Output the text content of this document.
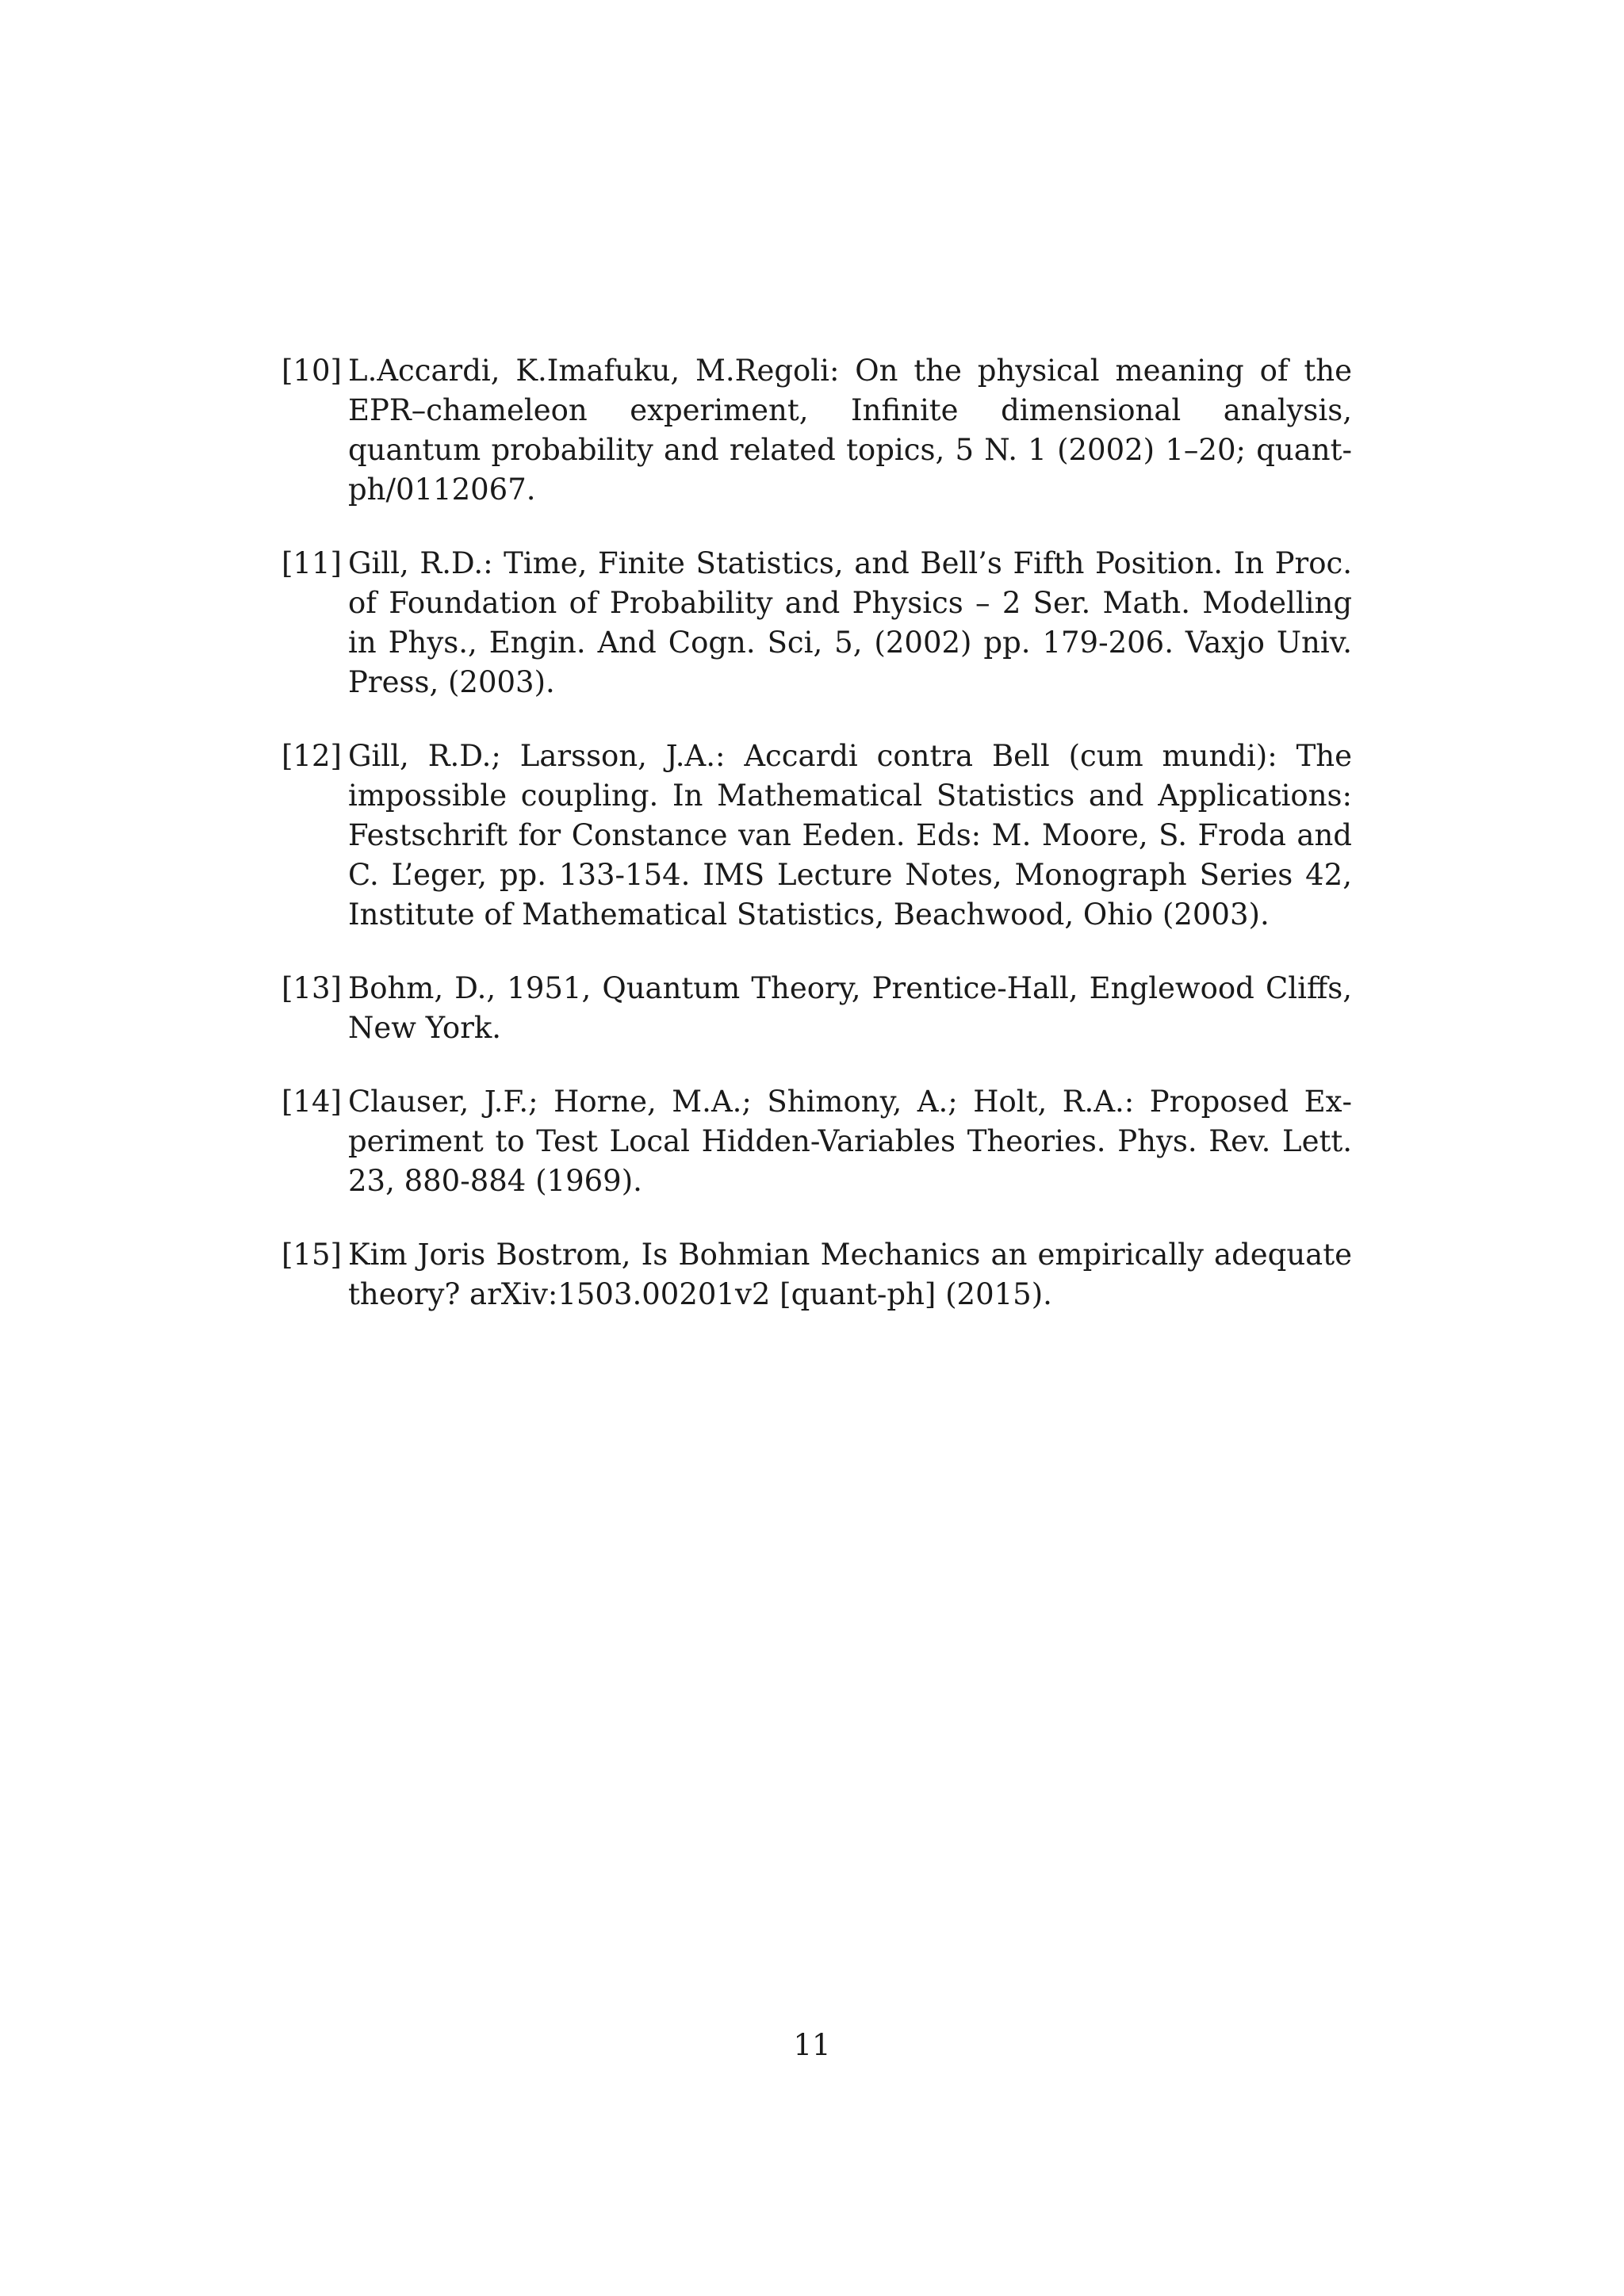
[10] L.Accardi, K.Imafuku, M.Regoli: On the physical meaning of the EPR–chameleon experiment, Infinite dimensional analysis, quantum probability and related topics, 5 N. 1 (2002) 1–20; quant-ph/0112067.
[11] Gill, R.D.: Time, Finite Statistics, and Bell’s Fifth Position. In Proc. of Foundation of Probability and Physics – 2 Ser. Math. Modelling in Phys., Engin. And Cogn. Sci, 5, (2002) pp. 179-206. Vaxjo Univ. Press, (2003).
[12] Gill, R.D.; Larsson, J.A.: Accardi contra Bell (cum mundi): The impossible coupling. In Mathematical Statistics and Applications: Festschrift for Constance van Eeden. Eds: M. Moore, S. Froda and C. L’eger, pp. 133-154. IMS Lecture Notes, Monograph Series 42, Institute of Mathematical Statistics, Beachwood, Ohio (2003).
[13] Bohm, D., 1951, Quantum Theory, Prentice-Hall, Englewood Cliffs, New York.
[14] Clauser, J.F.; Horne, M.A.; Shimony, A.; Holt, R.A.: Proposed Experiment to Test Local Hidden-Variables Theories. Phys. Rev. Lett. 23, 880-884 (1969).
[15] Kim Joris Bostrom, Is Bohmian Mechanics an empirically adequate theory? arXiv:1503.00201v2 [quant-ph] (2015).
11
